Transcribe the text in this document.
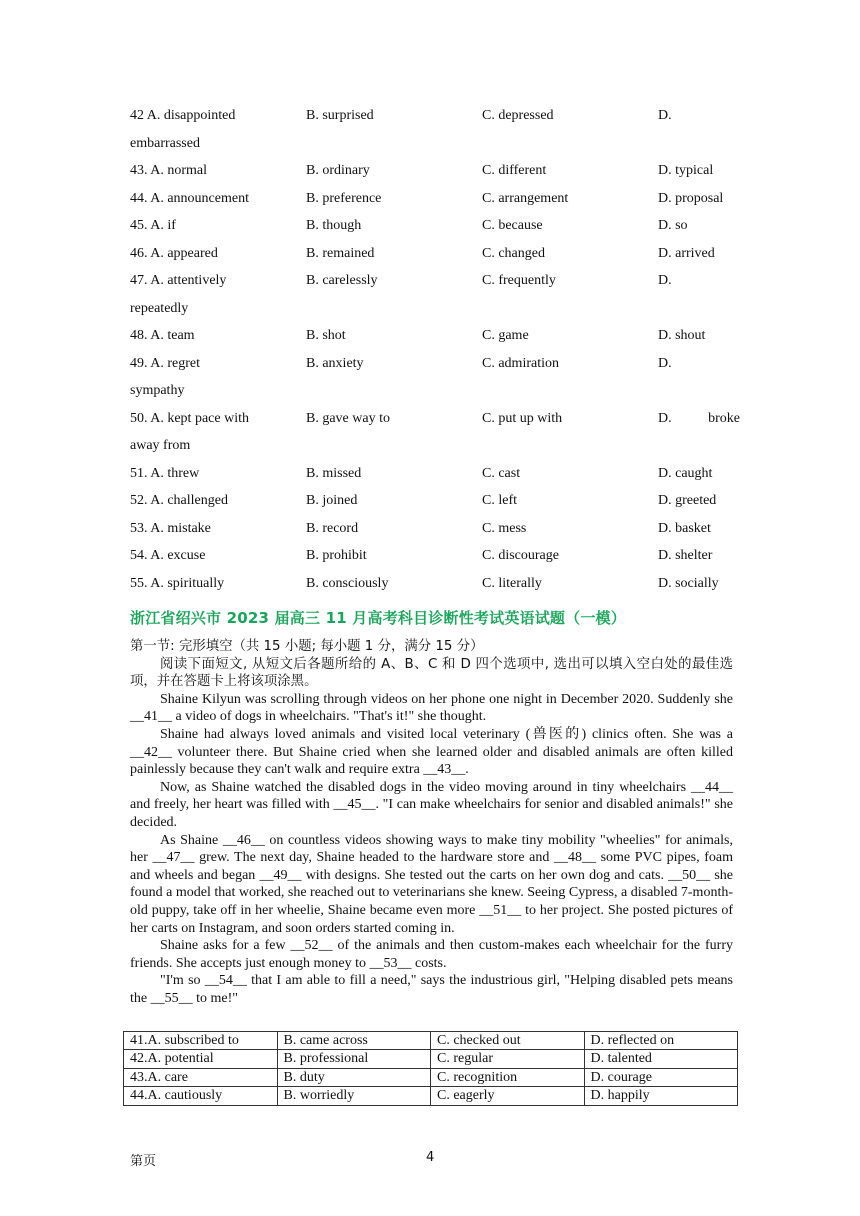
42 A. disappointed	B. surprised	C. depressed	D.
embarrassed
43. A. normal	B. ordinary	C. different	D. typical
44. A. announcement	B. preference	C. arrangement	D. proposal
45. A. if	B. though	C. because	D. so
46. A. appeared	B. remained	C. changed	D. arrived
47. A. attentively	B. carelessly	C. frequently	D.
repeatedly
48. A. team	B. shot	C. game	D. shout
49. A. regret	B. anxiety	C. admiration	D.
sympathy
50. A. kept pace with	B. gave way to	C. put up with	D.	broke
away from
51. A. threw	B. missed	C. cast	D. caught
52. A. challenged	B. joined	C. left	D. greeted
53. A. mistake	B. record	C. mess	D. basket
54. A. excuse	B. prohibit	C. discourage	D. shelter
55. A. spiritually	B. consciously	C. literally	D. socially
浙江省绍兴市 2023 届高三 11 月高考科目诊断性考试英语试题（一模）

第一节: 完形填空（共 15 小题; 每小题 1 分，满分 15 分）

阅读下面短文, 从短文后各题所给的 A、B、C 和 D 四个选项中, 选出可以填入空白处的最佳选项，并在答题卡上将该项涂黑。

Shaine Kilyun was scrolling through videos on her phone one night in December 2020. Suddenly she __41__ a video of dogs in wheelchairs. "That's it!" she thought.

Shaine had always loved animals and visited local veterinary (兽医的) clinics often. She was a __42__ volunteer there. But Shaine cried when she learned older and disabled animals are often killed painlessly because they can't walk and require extra __43__.

Now, as Shaine watched the disabled dogs in the video moving around in tiny wheelchairs __44__ and freely, her heart was filled with __45__. "I can make wheelchairs for senior and disabled animals!" she decided.

As Shaine __46__ on countless videos showing ways to make tiny mobility "wheelies" for animals, her __47__ grew. The next day, Shaine headed to the hardware store and __48__ some PVC pipes, foam and wheels and began __49__ with designs. She tested out the carts on her own dog and cats. __50__ she found a model that worked, she reached out to veterinarians she knew. Seeing Cypress, a disabled 7-month-old puppy, take off in her wheelie, Shaine became even more __51__ to her project. She posted pictures of her carts on Instagram, and soon orders started coming in.

Shaine asks for a few __52__ of the animals and then custom-makes each wheelchair for the furry friends. She accepts just enough money to __53__ costs.

"I'm so __54__ that I am able to fill a need," says the industrious girl, "Helping disabled pets means the __55__ to me!"

41.A. subscribed to	B. came across	C. checked out	D. reflected on
42.A. potential	B. professional	C. regular	D. talented
43.A. care	B. duty	C. recognition	D. courage
44.A. cautiously	B. worriedly	C. eagerly	D. happily
第页	4
